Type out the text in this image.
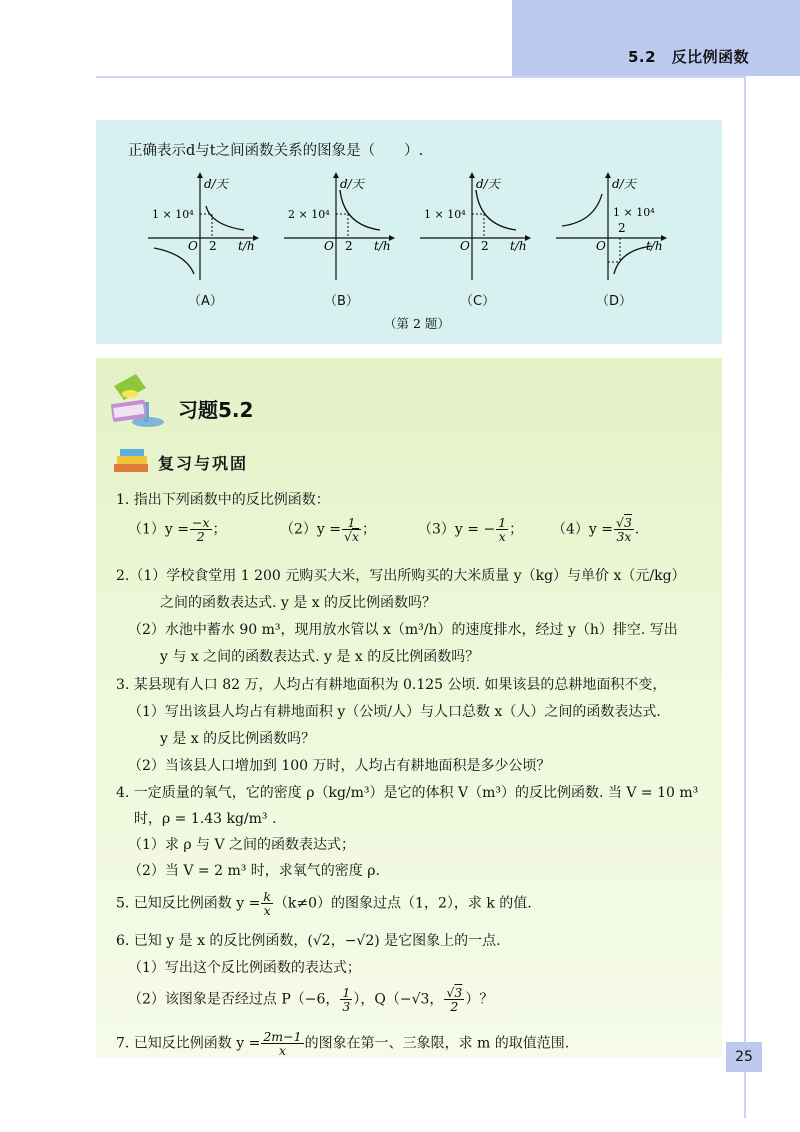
5.2　反比例函数
正确表示d与t之间函数关系的图象是（　　）.
d/天
1 × 10⁴
O 2 t/h
（A）
d/天
2 × 10⁴
O 2 t/h
（B）
d/天
1 × 10⁴
O 2 t/h
（C）
d/天
1 × 10⁴
O
2
t/h
（D）
（第 2 题）
习题5.2
复习与巩固
1. 指出下列函数中的反比例函数：
$(1)y = \frac{-x}{2}$ ；	$(2)y = \frac{1}{√x}$ ；	（3）y = − $\frac{1}{x}$ ； $(4)y = \frac{√3}{3x}$ .
2.（1）学校食堂用 1 200 元购买大米，写出所购买的大米质量 y（kg）与单价 x（元/kg）
之间的函数表达式. y 是 x 的反比例函数吗？
（2）水池中蓄水 90 m³，现用放水管以 x（m³/h）的速度排水，经过 y（h）排空. 写出
y 与 x 之间的函数表达式. y 是 x 的反比例函数吗？
3. 某县现有人口 82 万，人均占有耕地面积为 0.125 公顷. 如果该县的总耕地面积不变，
（1）写出该县人均占有耕地面积 y（公顷/人）与人口总数 x（人）之间的函数表达式.
y 是 x 的反比例函数吗？
（2）当该县人口增加到 100 万时，人均占有耕地面积是多少公顷？
4. 一定质量的氧气，它的密度 ρ（kg/m³）是它的体积 V（m³）的反比例函数. 当 V = 10 m³
时，ρ = 1.43 kg/m³ .
（1）求 ρ 与 V 之间的函数表达式；
（2）当 V = 2 m³ 时，求氧气的密度 ρ.
5. 已知反比例函数 $y = \frac{k}{x} (k\ne 0)$的图象过点（1，2），求 k 的值.
6. 已知 y 是 x 的反比例函数，(√2，−√2) 是它图象上的一点.
（1）写出这个反比例函数的表达式；
（2）该图象是否经过点 P（−6， $\frac{1}{3}$ ），Q（−√3， $\frac{√3}{2}$ ）？
7. 已知反比例函数 $y = \frac{2m-1}{x}$ 的图象在第一、三象限，求 m 的取值范围.
25
